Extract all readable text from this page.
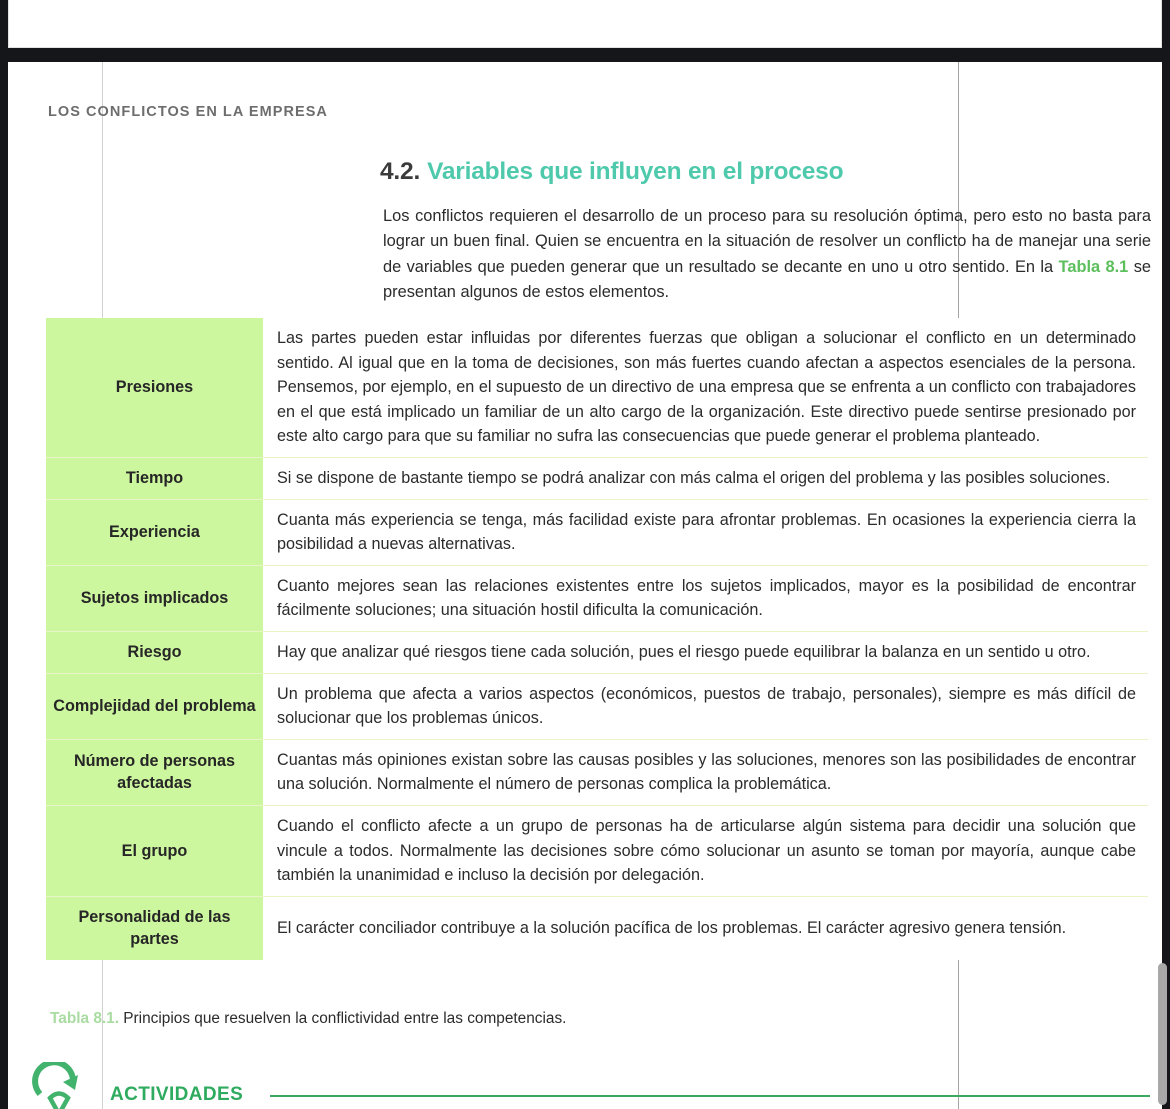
LOS CONFLICTOS EN LA EMPRESA
4.2. Variables que influyen en el proceso

Los conflictos requieren el desarrollo de un proceso para su resolución óptima, pero esto no basta para lograr un buen final. Quien se encuentra en la situación de resolver un conflicto ha de manejar una serie de variables que pueden generar que un resultado se decante en uno u otro sentido. En la Tabla 8.1 se presentan algunos de estos elementos.

Presiones	Las partes pueden estar influidas por diferentes fuerzas que obligan a solucionar el conflicto en un determinado sentido. Al igual que en la toma de decisiones, son más fuertes cuando afectan a aspectos esenciales de la persona. Pensemos, por ejemplo, en el supuesto de un directivo de una empresa que se enfrenta a un conflicto con trabajadores en el que está implicado un familiar de un alto cargo de la organización. Este directivo puede sentirse presionado por este alto cargo para que su familiar no sufra las consecuencias que puede generar el problema planteado.
Tiempo	Si se dispone de bastante tiempo se podrá analizar con más calma el origen del problema y las posibles soluciones.
Experiencia	Cuanta más experiencia se tenga, más facilidad existe para afrontar problemas. En ocasiones la experiencia cierra la posibilidad a nuevas alternativas.
Sujetos implicados	Cuanto mejores sean las relaciones existentes entre los sujetos implicados, mayor es la posibilidad de encontrar fácilmente soluciones; una situación hostil dificulta la comunicación.
Riesgo	Hay que analizar qué riesgos tiene cada solución, pues el riesgo puede equilibrar la balanza en un sentido u otro.
Complejidad del problema	Un problema que afecta a varios aspectos (económicos, puestos de trabajo, personales), siempre es más difícil de solucionar que los problemas únicos.
Número de personas afectadas	Cuantas más opiniones existan sobre las causas posibles y las soluciones, menores son las posibilidades de encontrar una solución. Normalmente el número de personas complica la problemática.
El grupo	Cuando el conflicto afecte a un grupo de personas ha de articularse algún sistema para decidir una solución que vincule a todos. Normalmente las decisiones sobre cómo solucionar un asunto se toman por mayoría, aunque cabe también la unanimidad e incluso la decisión por delegación.
Personalidad de las partes	El carácter conciliador contribuye a la solución pacífica de los problemas. El carácter agresivo genera tensión.
Tabla 8.1. Principios que resuelven la conflictividad entre las competencias.
ACTIVIDADES
